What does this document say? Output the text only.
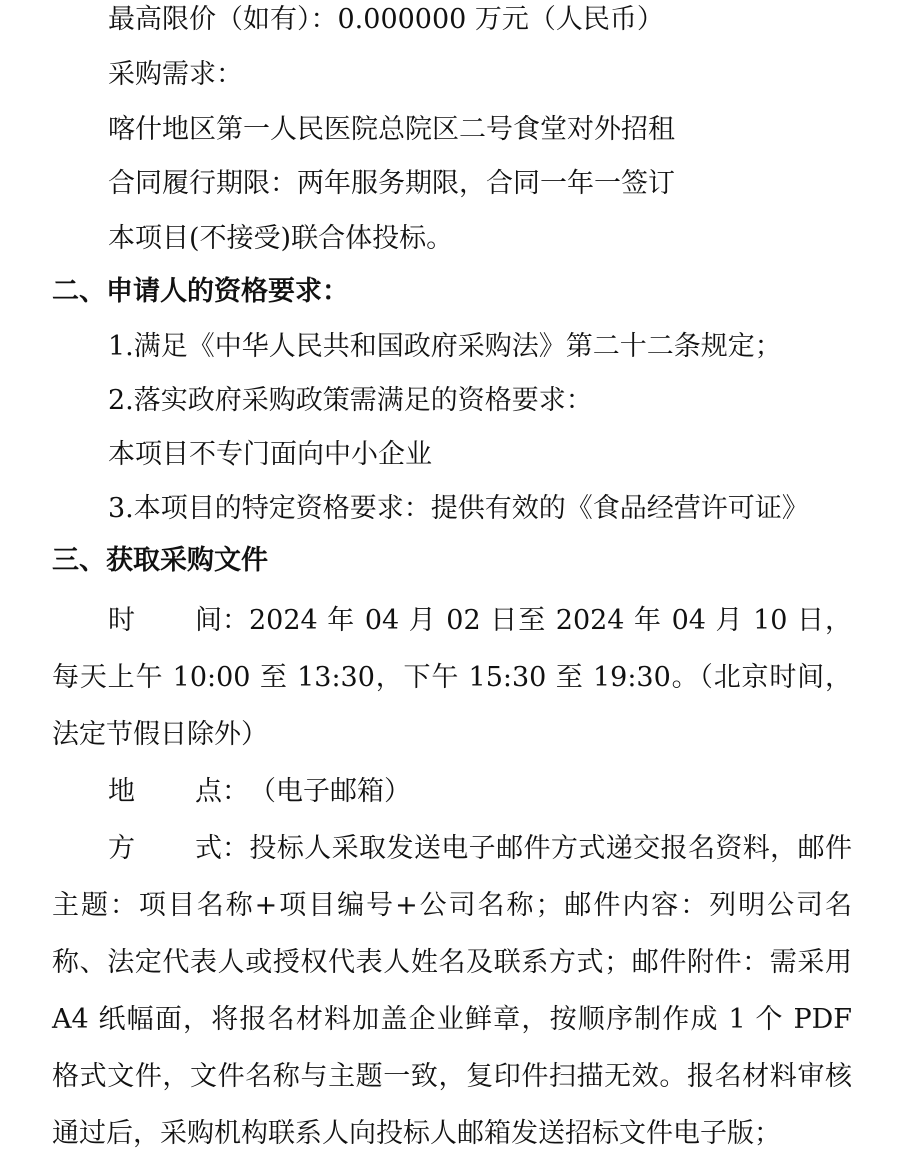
最高限价（如有）：0.000000 万元（人民币）
采购需求：
喀什地区第一人民医院总院区二号食堂对外招租
合同履行期限：两年服务期限，合同一年一签订
本项目(不接受)联合体投标。
二、申请人的资格要求：
1.满足《中华人民共和国政府采购法》第二十二条规定；
2.落实政府采购政策需满足的资格要求：
本项目不专门面向中小企业
3.本项目的特定资格要求：提供有效的《食品经营许可证》
三、获取采购文件
时 间：2024 年 04 月 02 日至 2024 年 04 月 10 日，每天上午 10:00 至 13:30，下午 15:30 至 19:30。（北京时间，法定节假日除外）
地 点：（电子邮箱）
方 式：投标人采取发送电子邮件方式递交报名资料，邮件主题：项目名称+项目编号+公司名称；邮件内容：列明公司名称、法定代表人或授权代表人姓名及联系方式；邮件附件：需采用 A4 纸幅面，将报名材料加盖企业鲜章，按顺序制作成 1 个 PDF 格式文件，文件名称与主题一致，复印件扫描无效。报名材料审核通过后，采购机构联系人向投标人邮箱发送招标文件电子版；
